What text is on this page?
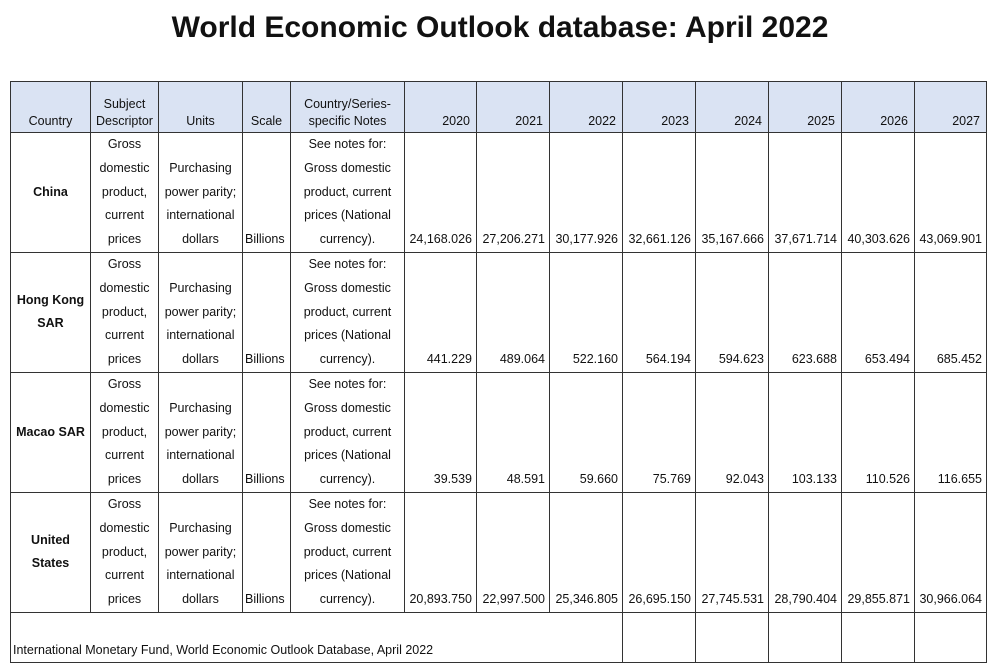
World Economic Outlook database: April 2022
Country	Subject Descriptor	Units	Scale	Country/Series-specific Notes	2020	2021	2022	2023	2024	2025	2026	2027
China	Gross domestic product, current prices	Purchasing power parity; international dollars	Billions	See notes for: Gross domestic product, current prices (National currency).	24,168.026	27,206.271	30,177.926	32,661.126	35,167.666	37,671.714	40,303.626	43,069.901
Hong Kong SAR	Gross domestic product, current prices	Purchasing power parity; international dollars	Billions	See notes for: Gross domestic product, current prices (National currency).	441.229	489.064	522.160	564.194	594.623	623.688	653.494	685.452
Macao SAR	Gross domestic product, current prices	Purchasing power parity; international dollars	Billions	See notes for: Gross domestic product, current prices (National currency).	39.539	48.591	59.660	75.769	92.043	103.133	110.526	116.655
United States	Gross domestic product, current prices	Purchasing power parity; international dollars	Billions	See notes for: Gross domestic product, current prices (National currency).	20,893.750	22,997.500	25,346.805	26,695.150	27,745.531	28,790.404	29,855.871	30,966.064
International Monetary Fund, World Economic Outlook Database, April 2022												
